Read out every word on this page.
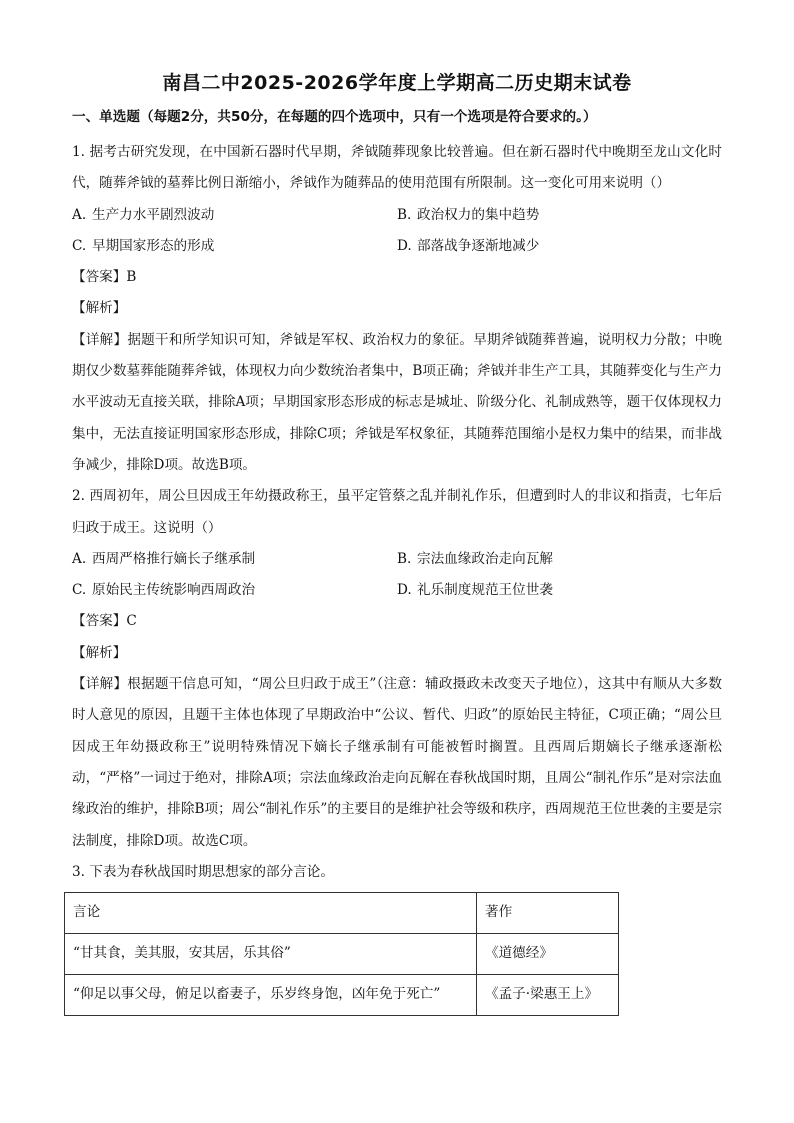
南昌二中2025-2026学年度上学期高二历史期末试卷
一、单选题（每题2分，共50分，在每题的四个选项中，只有一个选项是符合要求的。）

1. 据考古研究发现，在中国新石器时代早期，斧钺随葬现象比较普遍。但在新石器时代中晚期至龙山文化时代，随葬斧钺的墓葬比例日渐缩小，斧钺作为随葬品的使用范围有所限制。这一变化可用来说明（）

A. 生产力水平剧烈波动	B. 政治权力的集中趋势
C. 早期国家形态的形成	D. 部落战争逐渐地减少

【答案】B

【解析】

【详解】据题干和所学知识可知，斧钺是军权、政治权力的象征。早期斧钺随葬普遍，说明权力分散；中晚期仅少数墓葬能随葬斧钺，体现权力向少数统治者集中，B项正确；斧钺并非生产工具，其随葬变化与生产力水平波动无直接关联，排除A项；早期国家形态形成的标志是城址、阶级分化、礼制成熟等，题干仅体现权力集中，无法直接证明国家形态形成，排除C项；斧钺是军权象征，其随葬范围缩小是权力集中的结果，而非战争减少，排除D项。故选B项。

2. 西周初年，周公旦因成王年幼摄政称王，虽平定管蔡之乱并制礼作乐，但遭到时人的非议和指责，七年后归政于成王。这说明（）

A. 西周严格推行嫡长子继承制	B. 宗法血缘政治走向瓦解
C. 原始民主传统影响西周政治	D. 礼乐制度规范王位世袭

【答案】C

【解析】

【详解】根据题干信息可知，“周公旦归政于成王”（注意：辅政摄政未改变天子地位），这其中有顺从大多数时人意见的原因，且题干主体也体现了早期政治中“公议、暂代、归政”的原始民主特征，C项正确；“周公旦因成王年幼摄政称王”说明特殊情况下嫡长子继承制有可能被暂时搁置。且西周后期嫡长子继承逐渐松动，“严格”一词过于绝对，排除A项；宗法血缘政治走向瓦解在春秋战国时期，且周公“制礼作乐”是对宗法血缘政治的维护，排除B项；周公“制礼作乐”的主要目的是维护社会等级和秩序，西周规范王位世袭的主要是宗法制度，排除D项。故选C项。

3. 下表为春秋战国时期思想家的部分言论。

言论	著作
“甘其食，美其服，安其居，乐其俗”	《道德经》
“仰足以事父母，俯足以畜妻子，乐岁终身饱，凶年免于死亡”	《孟子·梁惠王上》
